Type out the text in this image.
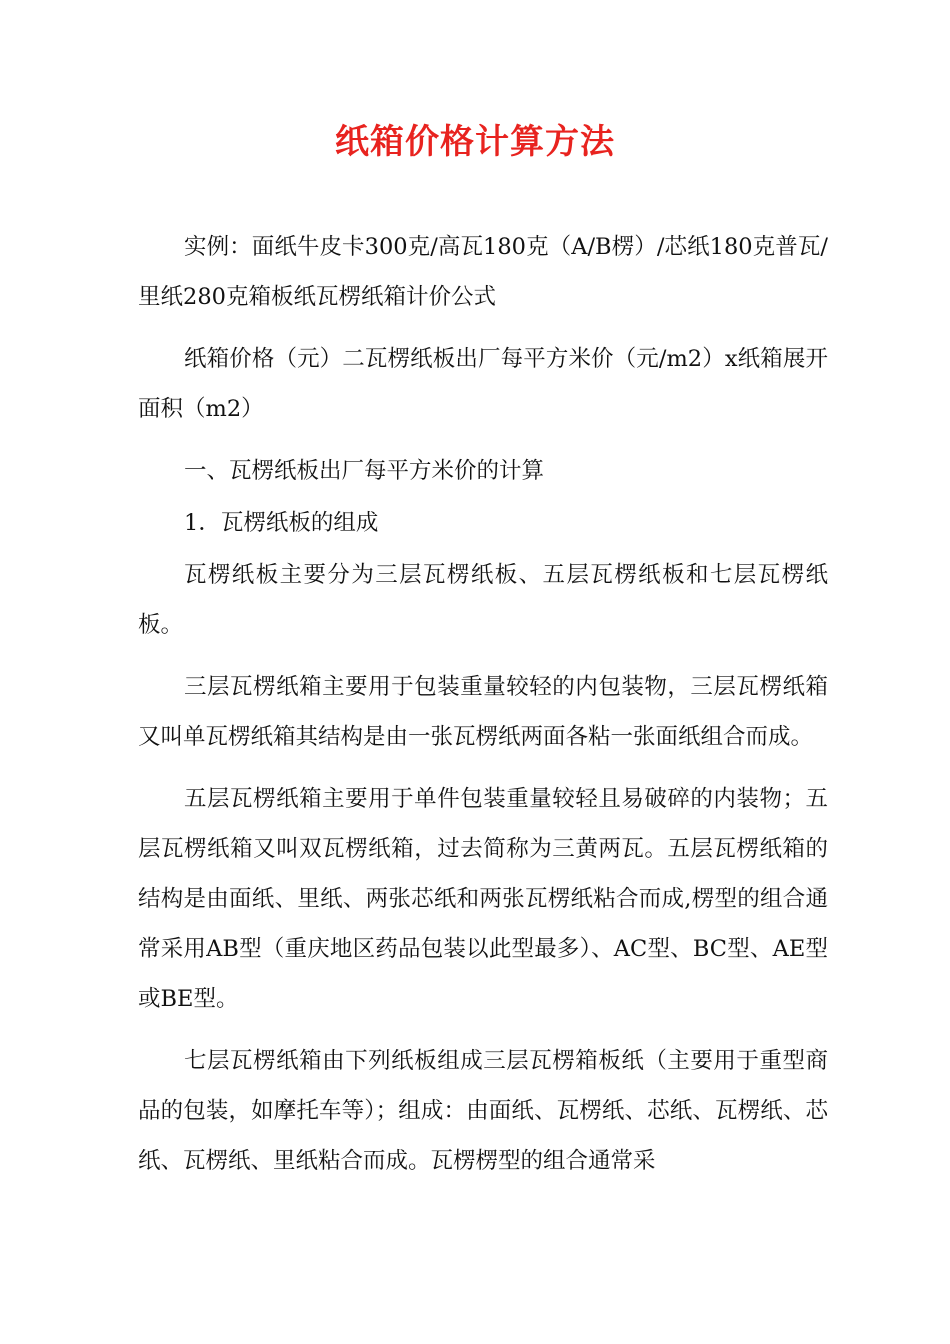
纸箱价格计算方法

实例：面纸牛皮卡300克/高瓦180克（A/B楞）/芯纸180克普瓦/里纸280克箱板纸瓦楞纸箱计价公式

纸箱价格（元）二瓦楞纸板出厂每平方米价（元/m2）x纸箱展开面积（m2）

一、瓦楞纸板出厂每平方米价的计算

1．瓦楞纸板的组成

瓦楞纸板主要分为三层瓦楞纸板、五层瓦楞纸板和七层瓦楞纸板。

三层瓦楞纸箱主要用于包装重量较轻的内包装物，三层瓦楞纸箱又叫单瓦楞纸箱其结构是由一张瓦楞纸两面各粘一张面纸组合而成。

五层瓦楞纸箱主要用于单件包装重量较轻且易破碎的内装物；五层瓦楞纸箱又叫双瓦楞纸箱，过去简称为三黄两瓦。五层瓦楞纸箱的结构是由面纸、里纸、两张芯纸和两张瓦楞纸粘合而成,楞型的组合通常采用AB型（重庆地区药品包装以此型最多）、AC型、BC型、AE型或BE型。

七层瓦楞纸箱由下列纸板组成三层瓦楞箱板纸（主要用于重型商品的包装，如摩托车等）；组成：由面纸、瓦楞纸、芯纸、瓦楞纸、芯纸、瓦楞纸、里纸粘合而成。瓦楞楞型的组合通常采
